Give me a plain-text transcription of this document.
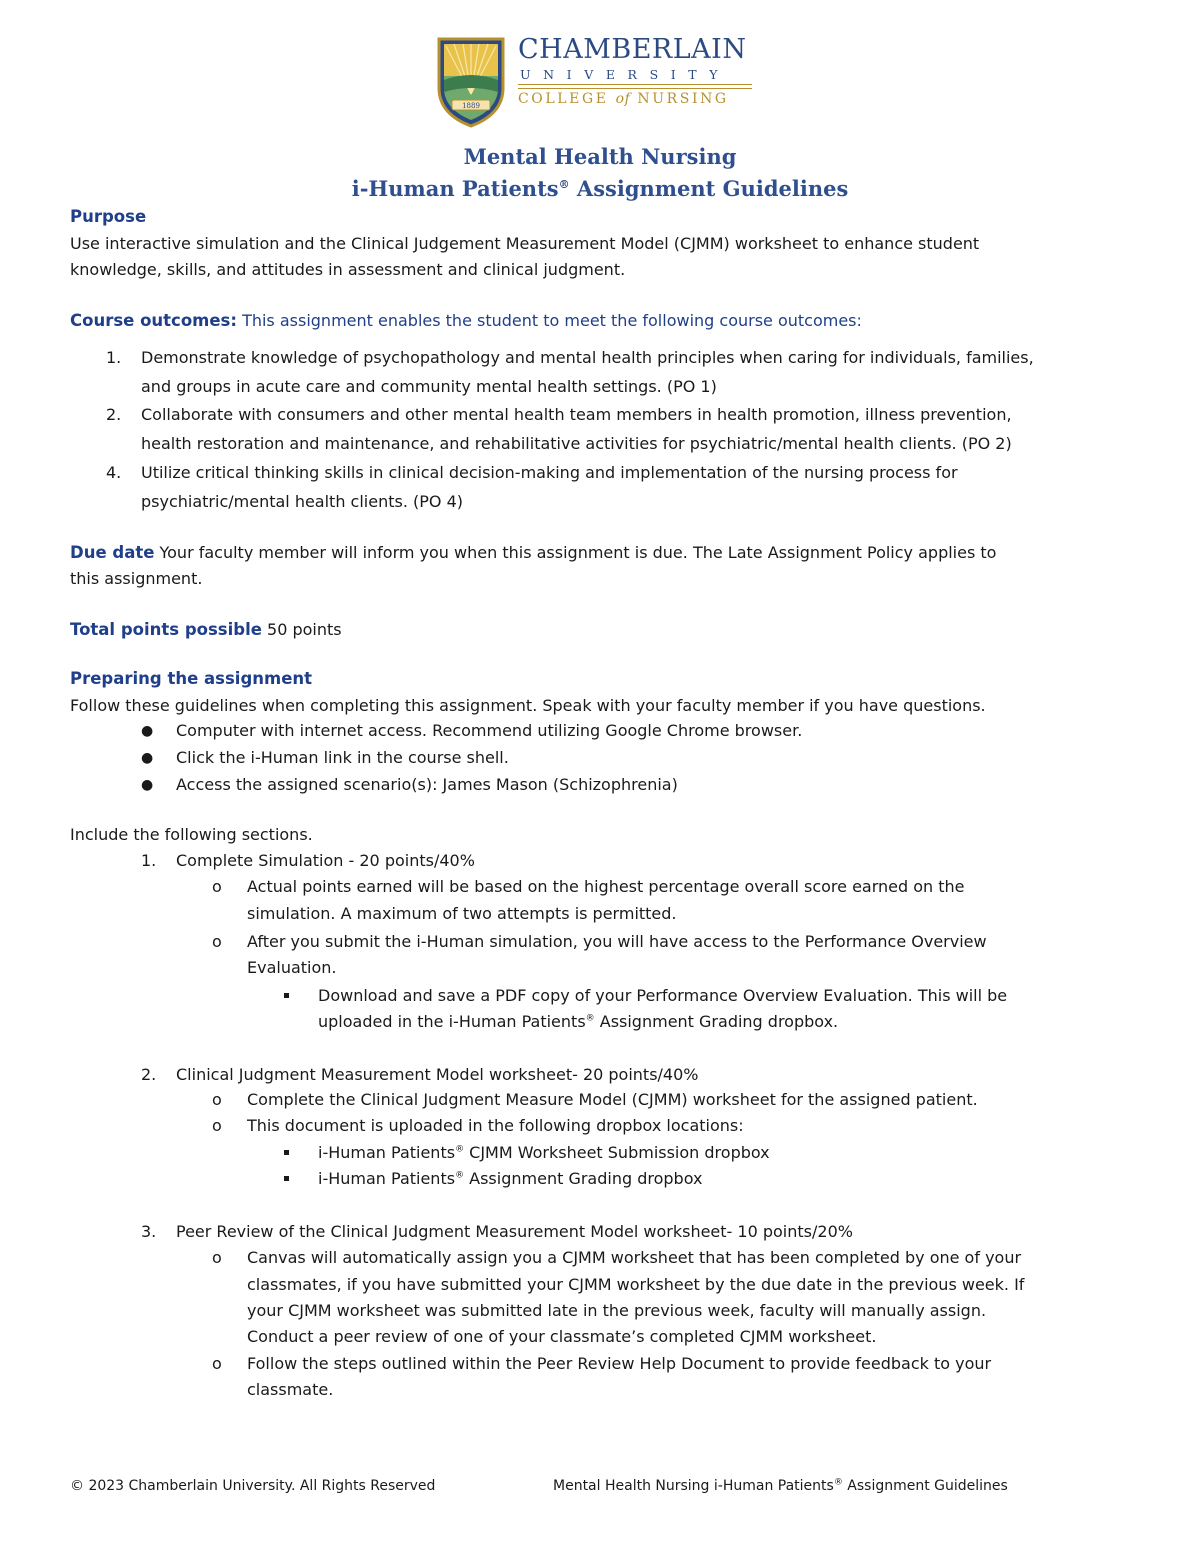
1889
CHAMBERLAIN
UNIVERSITY
COLLEGE of NURSING
Mental Health Nursing
i-Human Patients® Assignment Guidelines
Purpose
Use interactive simulation and the Clinical Judgement Measurement Model (CJMM) worksheet to enhance student
knowledge, skills, and attitudes in assessment and clinical judgment.
Course outcomes: This assignment enables the student to meet the following course outcomes:
1. Demonstrate knowledge of psychopathology and mental health principles when caring for individuals, families,
and groups in acute care and community mental health settings. (PO 1)
2. Collaborate with consumers and other mental health team members in health promotion, illness prevention,
health restoration and maintenance, and rehabilitative activities for psychiatric/mental health clients. (PO 2)
4. Utilize critical thinking skills in clinical decision-making and implementation of the nursing process for
psychiatric/mental health clients. (PO 4)
Due date Your faculty member will inform you when this assignment is due. The Late Assignment Policy applies to
this assignment.
Total points possible 50 points
Preparing the assignment
Follow these guidelines when completing this assignment. Speak with your faculty member if you have questions.
● Computer with internet access. Recommend utilizing Google Chrome browser.
● Click the i-Human link in the course shell.
● Access the assigned scenario(s): James Mason (Schizophrenia)
Include the following sections.
1. Complete Simulation - 20 points/40%
o Actual points earned will be based on the highest percentage overall score earned on the
simulation. A maximum of two attempts is permitted.
o After you submit the i-Human simulation, you will have access to the Performance Overview
Evaluation.
Download and save a PDF copy of your Performance Overview Evaluation. This will be
uploaded in the i-Human Patients® Assignment Grading dropbox.
2. Clinical Judgment Measurement Model worksheet- 20 points/40%
o Complete the Clinical Judgment Measure Model (CJMM) worksheet for the assigned patient.
o This document is uploaded in the following dropbox locations:
i-Human Patients® CJMM Worksheet Submission dropbox
i-Human Patients® Assignment Grading dropbox
3. Peer Review of the Clinical Judgment Measurement Model worksheet- 10 points/20%
o Canvas will automatically assign you a CJMM worksheet that has been completed by one of your
classmates, if you have submitted your CJMM worksheet by the due date in the previous week. If
your CJMM worksheet was submitted late in the previous week, faculty will manually assign.
Conduct a peer review of one of your classmate’s completed CJMM worksheet.
o Follow the steps outlined within the Peer Review Help Document to provide feedback to your
classmate.
© 2023 Chamberlain University. All Rights Reserved	Mental Health Nursing i-Human Patients® Assignment Guidelines
